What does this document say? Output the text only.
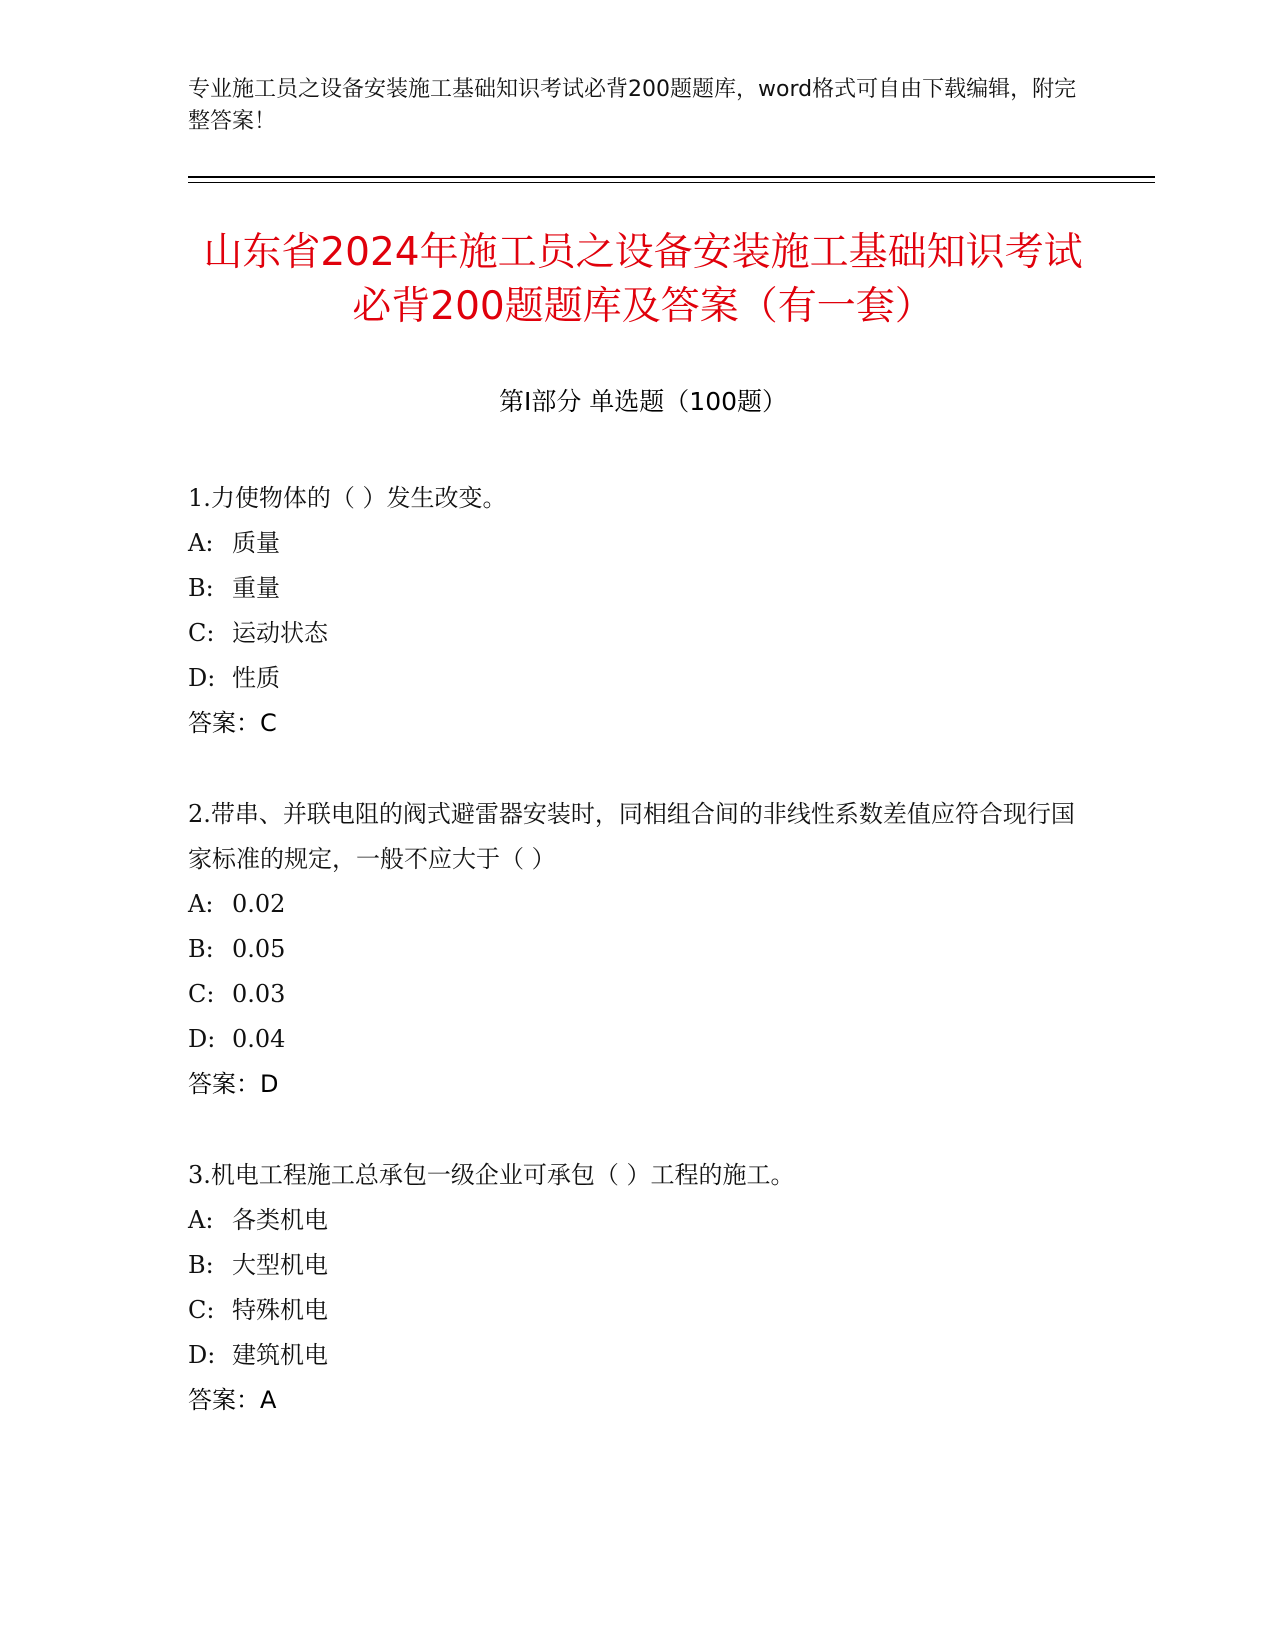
专业施工员之设备安装施工基础知识考试必背200题题库，word格式可自由下载编辑，附完整答案！
山东省2024年施工员之设备安装施工基础知识考试必背200题题库及答案（有一套）
第I部分 单选题（100题）
1.力使物体的（ ）发生改变。
A: 质量
B: 重量
C: 运动状态
D: 性质
答案：C
2.带串、并联电阻的阀式避雷器安装时，同相组合间的非线性系数差值应符合现行国家标准的规定，一般不应大于（ ）
A: 0.02
B: 0.05
C: 0.03
D: 0.04
答案：D
3.机电工程施工总承包一级企业可承包（ ）工程的施工。
A: 各类机电
B: 大型机电
C: 特殊机电
D: 建筑机电
答案：A
